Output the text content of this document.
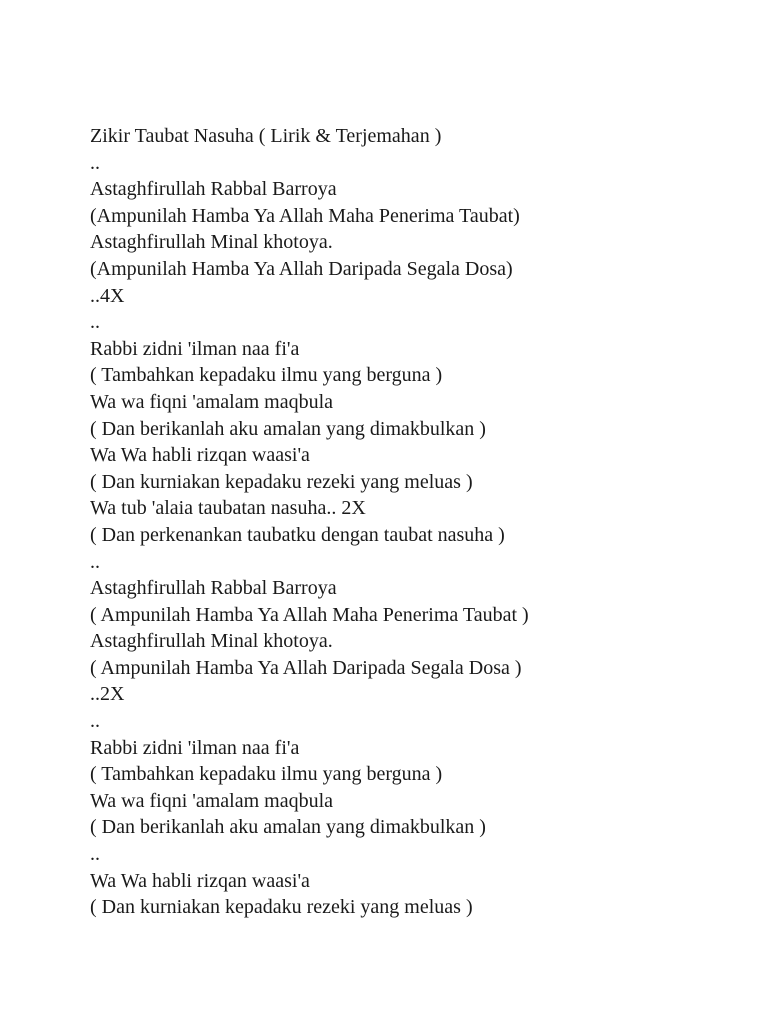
Zikir Taubat Nasuha ( Lirik & Terjemahan )
..
Astaghfirullah Rabbal Barroya
(Ampunilah Hamba Ya Allah Maha Penerima Taubat)
Astaghfirullah Minal khotoya.
(Ampunilah Hamba Ya Allah Daripada Segala Dosa)
..4X
..
Rabbi zidni 'ilman naa fi'a
( Tambahkan kepadaku ilmu yang berguna )
Wa wa fiqni 'amalam maqbula
( Dan berikanlah aku amalan yang dimakbulkan )
Wa Wa habli rizqan waasi'a
( Dan kurniakan kepadaku rezeki yang meluas )
Wa tub 'alaia taubatan nasuha.. 2X
( Dan perkenankan taubatku dengan taubat nasuha )
..
Astaghfirullah Rabbal Barroya
( Ampunilah Hamba Ya Allah Maha Penerima Taubat )
Astaghfirullah Minal khotoya.
( Ampunilah Hamba Ya Allah Daripada Segala Dosa )
..2X
..
Rabbi zidni 'ilman naa fi'a
( Tambahkan kepadaku ilmu yang berguna )
Wa wa fiqni 'amalam maqbula
( Dan berikanlah aku amalan yang dimakbulkan )
..
Wa Wa habli rizqan waasi'a
( Dan kurniakan kepadaku rezeki yang meluas )
